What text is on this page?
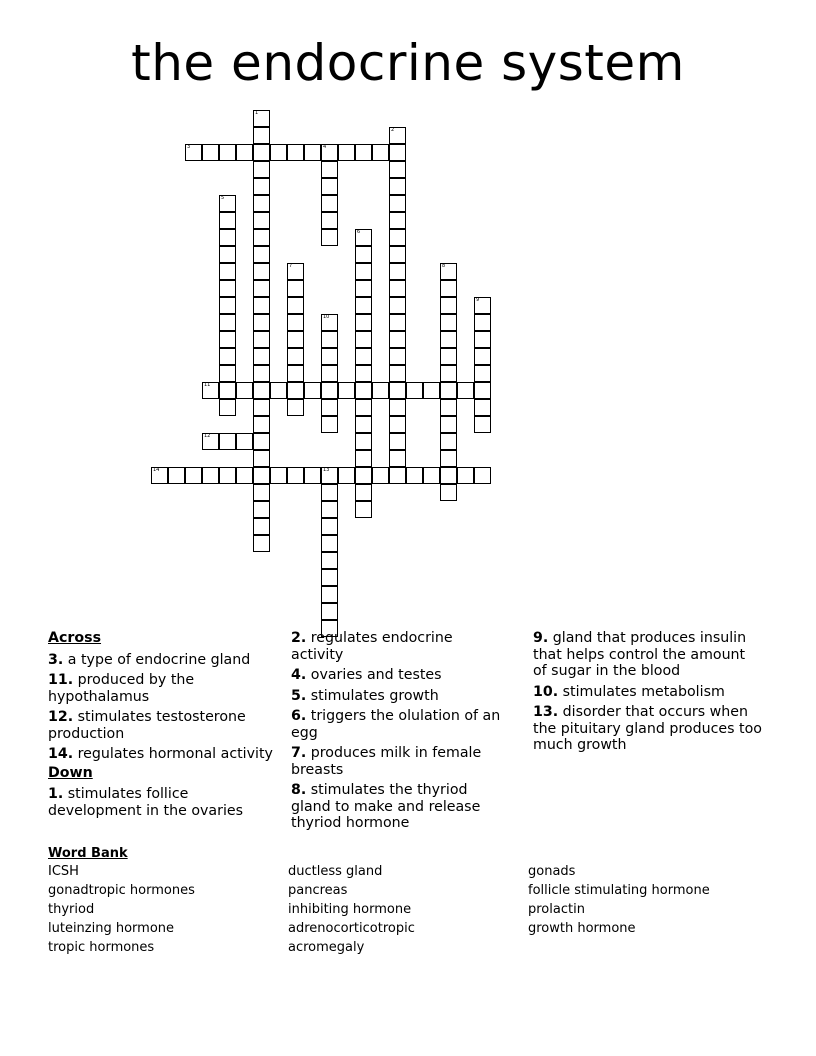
the endocrine system
1
2
3	4
5
6
7	8
9
10
11
12
13
14
Across
3. a type of endocrine gland
11. produced by the hypothalamus
12. stimulates testosterone production
14. regulates hormonal activity
Down
1. stimulates follice development in the ovaries
2. regulates endocrine activity
4. ovaries and testes
5. stimulates growth
6. triggers the olulation of an egg
7. produces milk in female breasts
8. stimulates the thyriod gland to make and release thyriod hormone
9. gland that produces insulin that helps control the amount of sugar in the blood
10. stimulates metabolism
13. disorder that occurs when the pituitary gland produces too much growth
Word Bank
ICSH
gonadtropic hormones
thyriod
luteinzing hormone
tropic hormones
ductless gland
pancreas
inhibiting hormone
adrenocorticotropic
acromegaly
gonads
follicle stimulating hormone
prolactin
growth hormone
